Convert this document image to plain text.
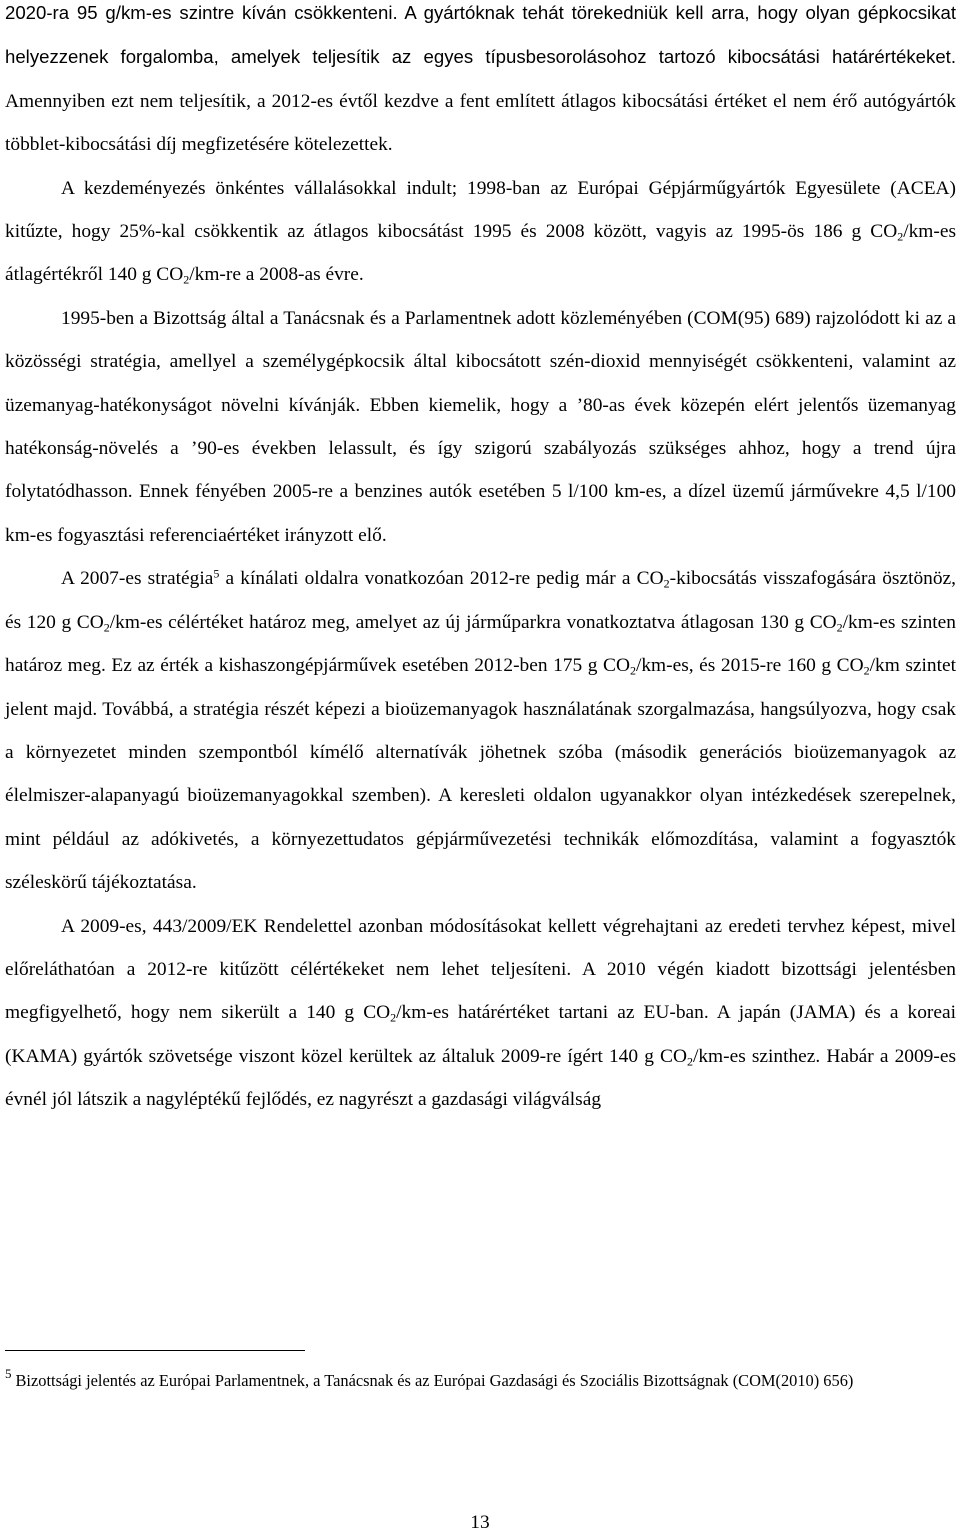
2020-ra 95 g/km-es szintre kíván csökkenteni. A gyártóknak tehát törekedniük kell arra, hogy olyan gépkocsikat helyezzenek forgalomba, amelyek teljesítik az egyes típusbesorolásohoz tartozó kibocsátási határértékeket. Amennyiben ezt nem teljesítik, a 2012-es évtől kezdve a fent említett átlagos kibocsátási értéket el nem érő autógyártók többlet-kibocsátási díj megfizetésére kötelezettek.

A kezdeményezés önkéntes vállalásokkal indult; 1998-ban az Európai Gépjárműgyártók Egyesülete (ACEA) kitűzte, hogy 25%-kal csökkentik az átlagos kibocsátást 1995 és 2008 között, vagyis az 1995-ös 186 g $CO_2/km-es$ átlagértékről 140 g $CO_2/km-re$ a 2008-as évre.

1995-ben a Bizottság által a Tanácsnak és a Parlamentnek adott közleményében (COM(95) 689) rajzolódott ki az a közösségi stratégia, amellyel a személygépkocsik által kibocsátott szén-dioxid mennyiségét csökkenteni, valamint az üzemanyag-hatékonyságot növelni kívánják. Ebben kiemelik, hogy a ’80-as évek közepén elért jelentős üzemanyag hatékonság-növelés a ’90-es években lelassult, és így szigorú szabályozás szükséges ahhoz, hogy a trend újra folytatódhasson. Ennek fényében 2005-re a benzines autók esetében 5 l/100 km-es, a dízel üzemű járművekre 4,5 l/100 km-es fogyasztási referenciaértéket irányzott elő.

A 2007-es stratégia$^5$ a kínálati oldalra vonatkozóan 2012-re pedig már a $CO_2$-kibocsátás visszafogására ösztönöz, és 120 g $CO_2/km-es$ célértéket határoz meg, amelyet az új járműparkra vonatkoztatva átlagosan 130 g $CO_2/km-es$ szinten határoz meg. Ez az érték a kishaszongépjárművek esetében 2012-ben 175 g $CO_2/km-es$, és 2015-re 160 g $CO_2/km$ szintet jelent majd. Továbbá, a stratégia részét képezi a bioüzemanyagok használatának szorgalmazása, hangsúlyozva, hogy csak a környezetet minden szempontból kímélő alternatívák jöhetnek szóba (második generációs bioüzemanyagok az élelmiszer-alapanyagú bioüzemanyagokkal szemben). A keresleti oldalon ugyanakkor olyan intézkedések szerepelnek, mint például az adókivetés, a környezettudatos gépjárművezetési technikák előmozdítása, valamint a fogyasztók széleskörű tájékoztatása.

A 2009-es, 443/2009/EK Rendelettel azonban módosításokat kellett végrehajtani az eredeti tervhez képest, mivel előreláthatóan a 2012-re kitűzött célértékeket nem lehet teljesíteni. A 2010 végén kiadott bizottsági jelentésben megfigyelhető, hogy nem sikerült a 140 g $CO_2/km-es$ határértéket tartani az EU-ban. A japán (JAMA) és a koreai (KAMA) gyártók szövetsége viszont közel kerültek az általuk 2009-re ígért 140 g $CO_2/km-es$ szinthez. Habár a 2009-es évnél jól látszik a nagyléptékű fejlődés, ez nagyrészt a gazdasági világválság

$^5$ Bizottsági jelentés az Európai Parlamentnek, a Tanácsnak és az Európai Gazdasági és Szociális Bizottságnak (COM(2010) 656)
13
